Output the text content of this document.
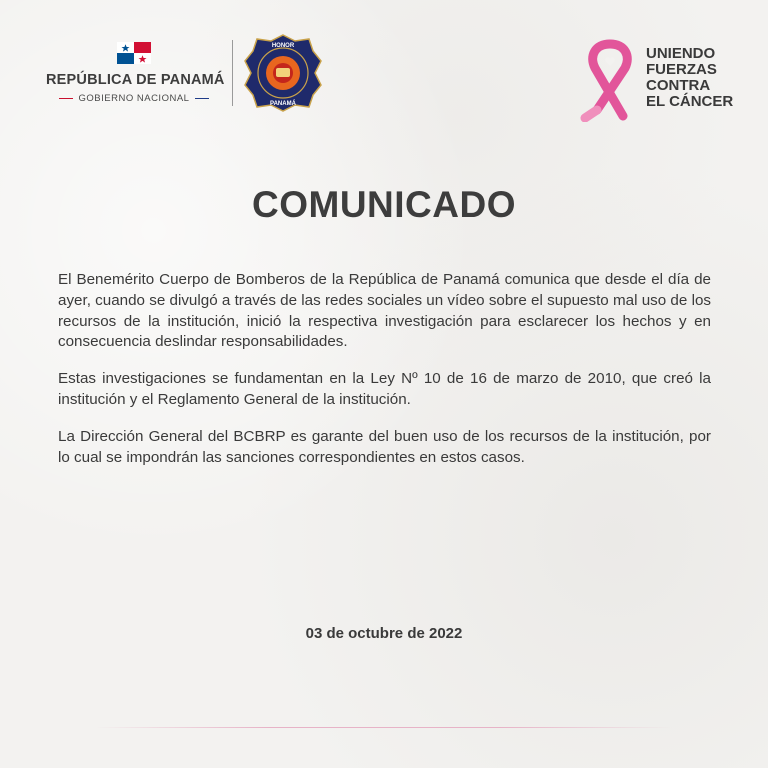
REPÚBLICA DE PANAMÁ
GOBIERNO NACIONAL
HONOR
PANAMÁ
UNIENDO
FUERZAS
CONTRA
EL CÁNCER
COMUNICADO

El Benemérito Cuerpo de Bomberos de la República de Panamá comunica que desde el día de ayer, cuando se divulgó a través de las redes sociales un vídeo sobre el supuesto mal uso de los recursos de la institución, inició la respectiva investigación para esclarecer los hechos y en consecuencia deslindar responsabilidades.

Estas investigaciones se fundamentan en la Ley Nº 10 de 16 de marzo de 2010, que creó la institución y el Reglamento General de la institución.

La Dirección General del BCBRP es garante del buen uso de los recursos de la institución, por lo cual se impondrán las sanciones correspondientes en estos casos.

03 de octubre de 2022
